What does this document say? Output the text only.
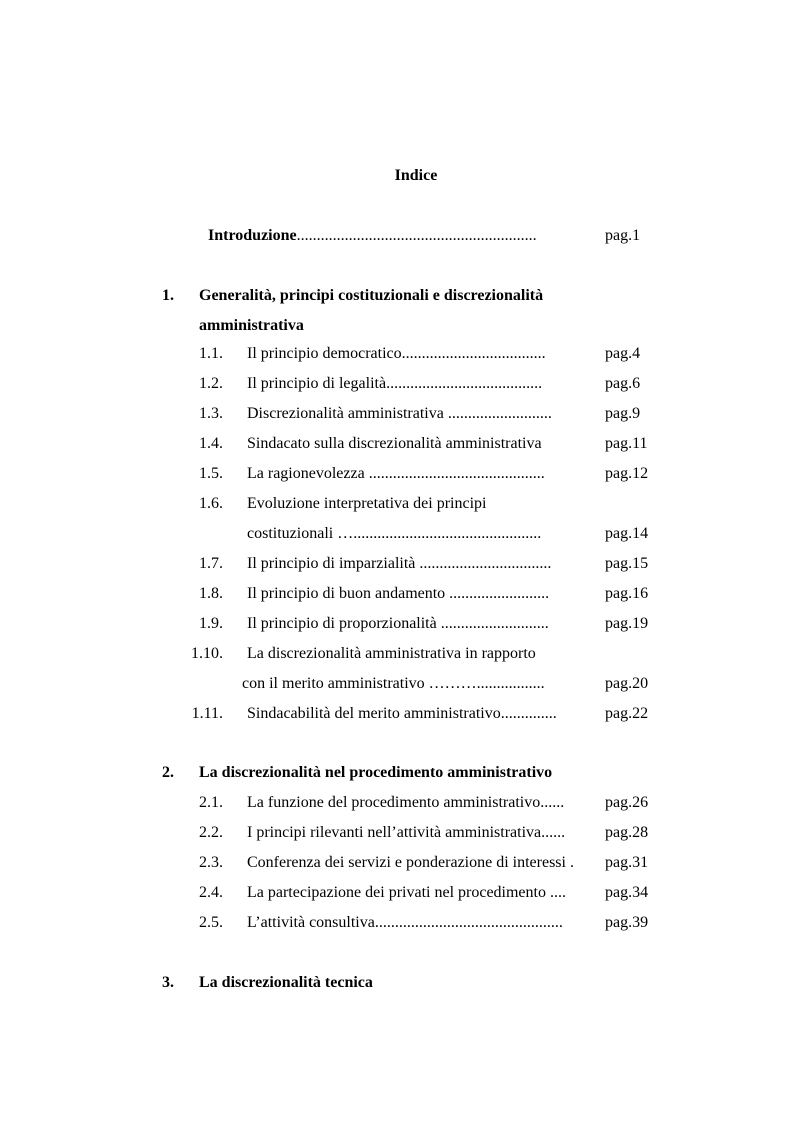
Indice
Introduzione............................................................	pag.1
1. Generalità, principi costituzionali e discrezionalità
amministrativa
1.1. Il principio democratico....................................	pag.4
1.2. Il principio di legalità.......................................	pag.6
1.3. Discrezionalità amministrativa ..........................	pag.9
1.4. Sindacato sulla discrezionalità amministrativa	pag.11
1.5. La ragionevolezza ............................................	pag.12
1.6. Evoluzione interpretativa dei principi
costituzionali …...............................................	pag.14
1.7. Il principio di imparzialità .................................	pag.15
1.8. Il principio di buon andamento .........................	pag.16
1.9. Il principio di proporzionalità ...........................	pag.19
1.10. La discrezionalità amministrativa in rapporto
con il merito amministrativo ……….................	pag.20
1.11. Sindacabilità del merito amministrativo..............	pag.22
2. La discrezionalità nel procedimento amministrativo
2.1. La funzione del procedimento amministrativo......	pag.26
2.2. I principi rilevanti nell’attività amministrativa...... pag.28
2.3. Conferenza dei servizi e ponderazione di interessi . pag.31
2.4. La partecipazione dei privati nel procedimento .... pag.34
2.5. L’attività consultiva...............................................	pag.39
3. La discrezionalità tecnica
